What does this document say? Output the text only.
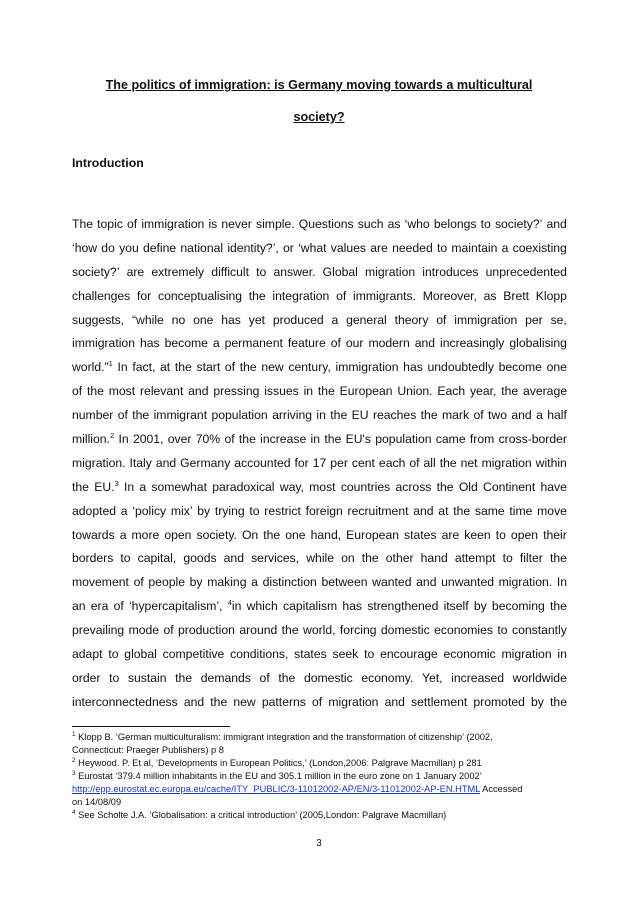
The politics of immigration: is Germany moving towards a multicultural
society?
Introduction
The topic of immigration is never simple. Questions such as ‘who belongs to society?’ and
‘how do you define national identity?’, or ‘what values are needed to maintain a coexisting
society?’ are extremely difficult to answer. Global migration introduces unprecedented
challenges for conceptualising the integration of immigrants. Moreover, as Brett Klopp
suggests, “while no one has yet produced a general theory of immigration per se,
immigration has become a permanent feature of our modern and increasingly globalising
world.”$^1$ In fact, at the start of the new century, immigration has undoubtedly become one
of the most relevant and pressing issues in the European Union. Each year, the average
number of the immigrant population arriving in the EU reaches the mark of two and a half
million.$^2$ In 2001, over 70% of the increase in the EU's population came from cross-border
migration. Italy and Germany accounted for 17 per cent each of all the net migration within
the EU.$^3$ In a somewhat paradoxical way, most countries across the Old Continent have
adopted a ‘policy mix’ by trying to restrict foreign recruitment and at the same time move
towards a more open society. On the one hand, European states are keen to open their
borders to capital, goods and services, while on the other hand attempt to filter the
movement of people by making a distinction between wanted and unwanted migration. In
an era of ‘hypercapitalism’, $^4$in which capitalism has strengthened itself by becoming the
prevailing mode of production around the world, forcing domestic economies to constantly
adapt to global competitive conditions, states seek to encourage economic migration in
order to sustain the demands of the domestic economy. Yet, increased worldwide
interconnectedness and the new patterns of migration and settlement promoted by the
$^1$ Klopp B. ‘German multiculturalism: immigrant integration and the transformation of citizenship’ (2002,
Connecticut: Praeger Publishers) p 8
$^2$ Heywood. P. Et al, ‘Developments in European Politics,’ (London,2006: Palgrave Macmillan) p 281
$^3$ Eurostat ‘379.4 million inhabitants in the EU and 305.1 million in the euro zone on 1 January 2002’
http://epp.eurostat.ec.europa.eu/cache/ITY_PUBLIC/3-11012002-AP/EN/3-11012002-AP-EN.HTML Accessed
on 14/08/09
$^4$ See Scholte J.A. ‘Globalisation: a critical introduction’ (2005,London: Palgrave Macmillan)
3
